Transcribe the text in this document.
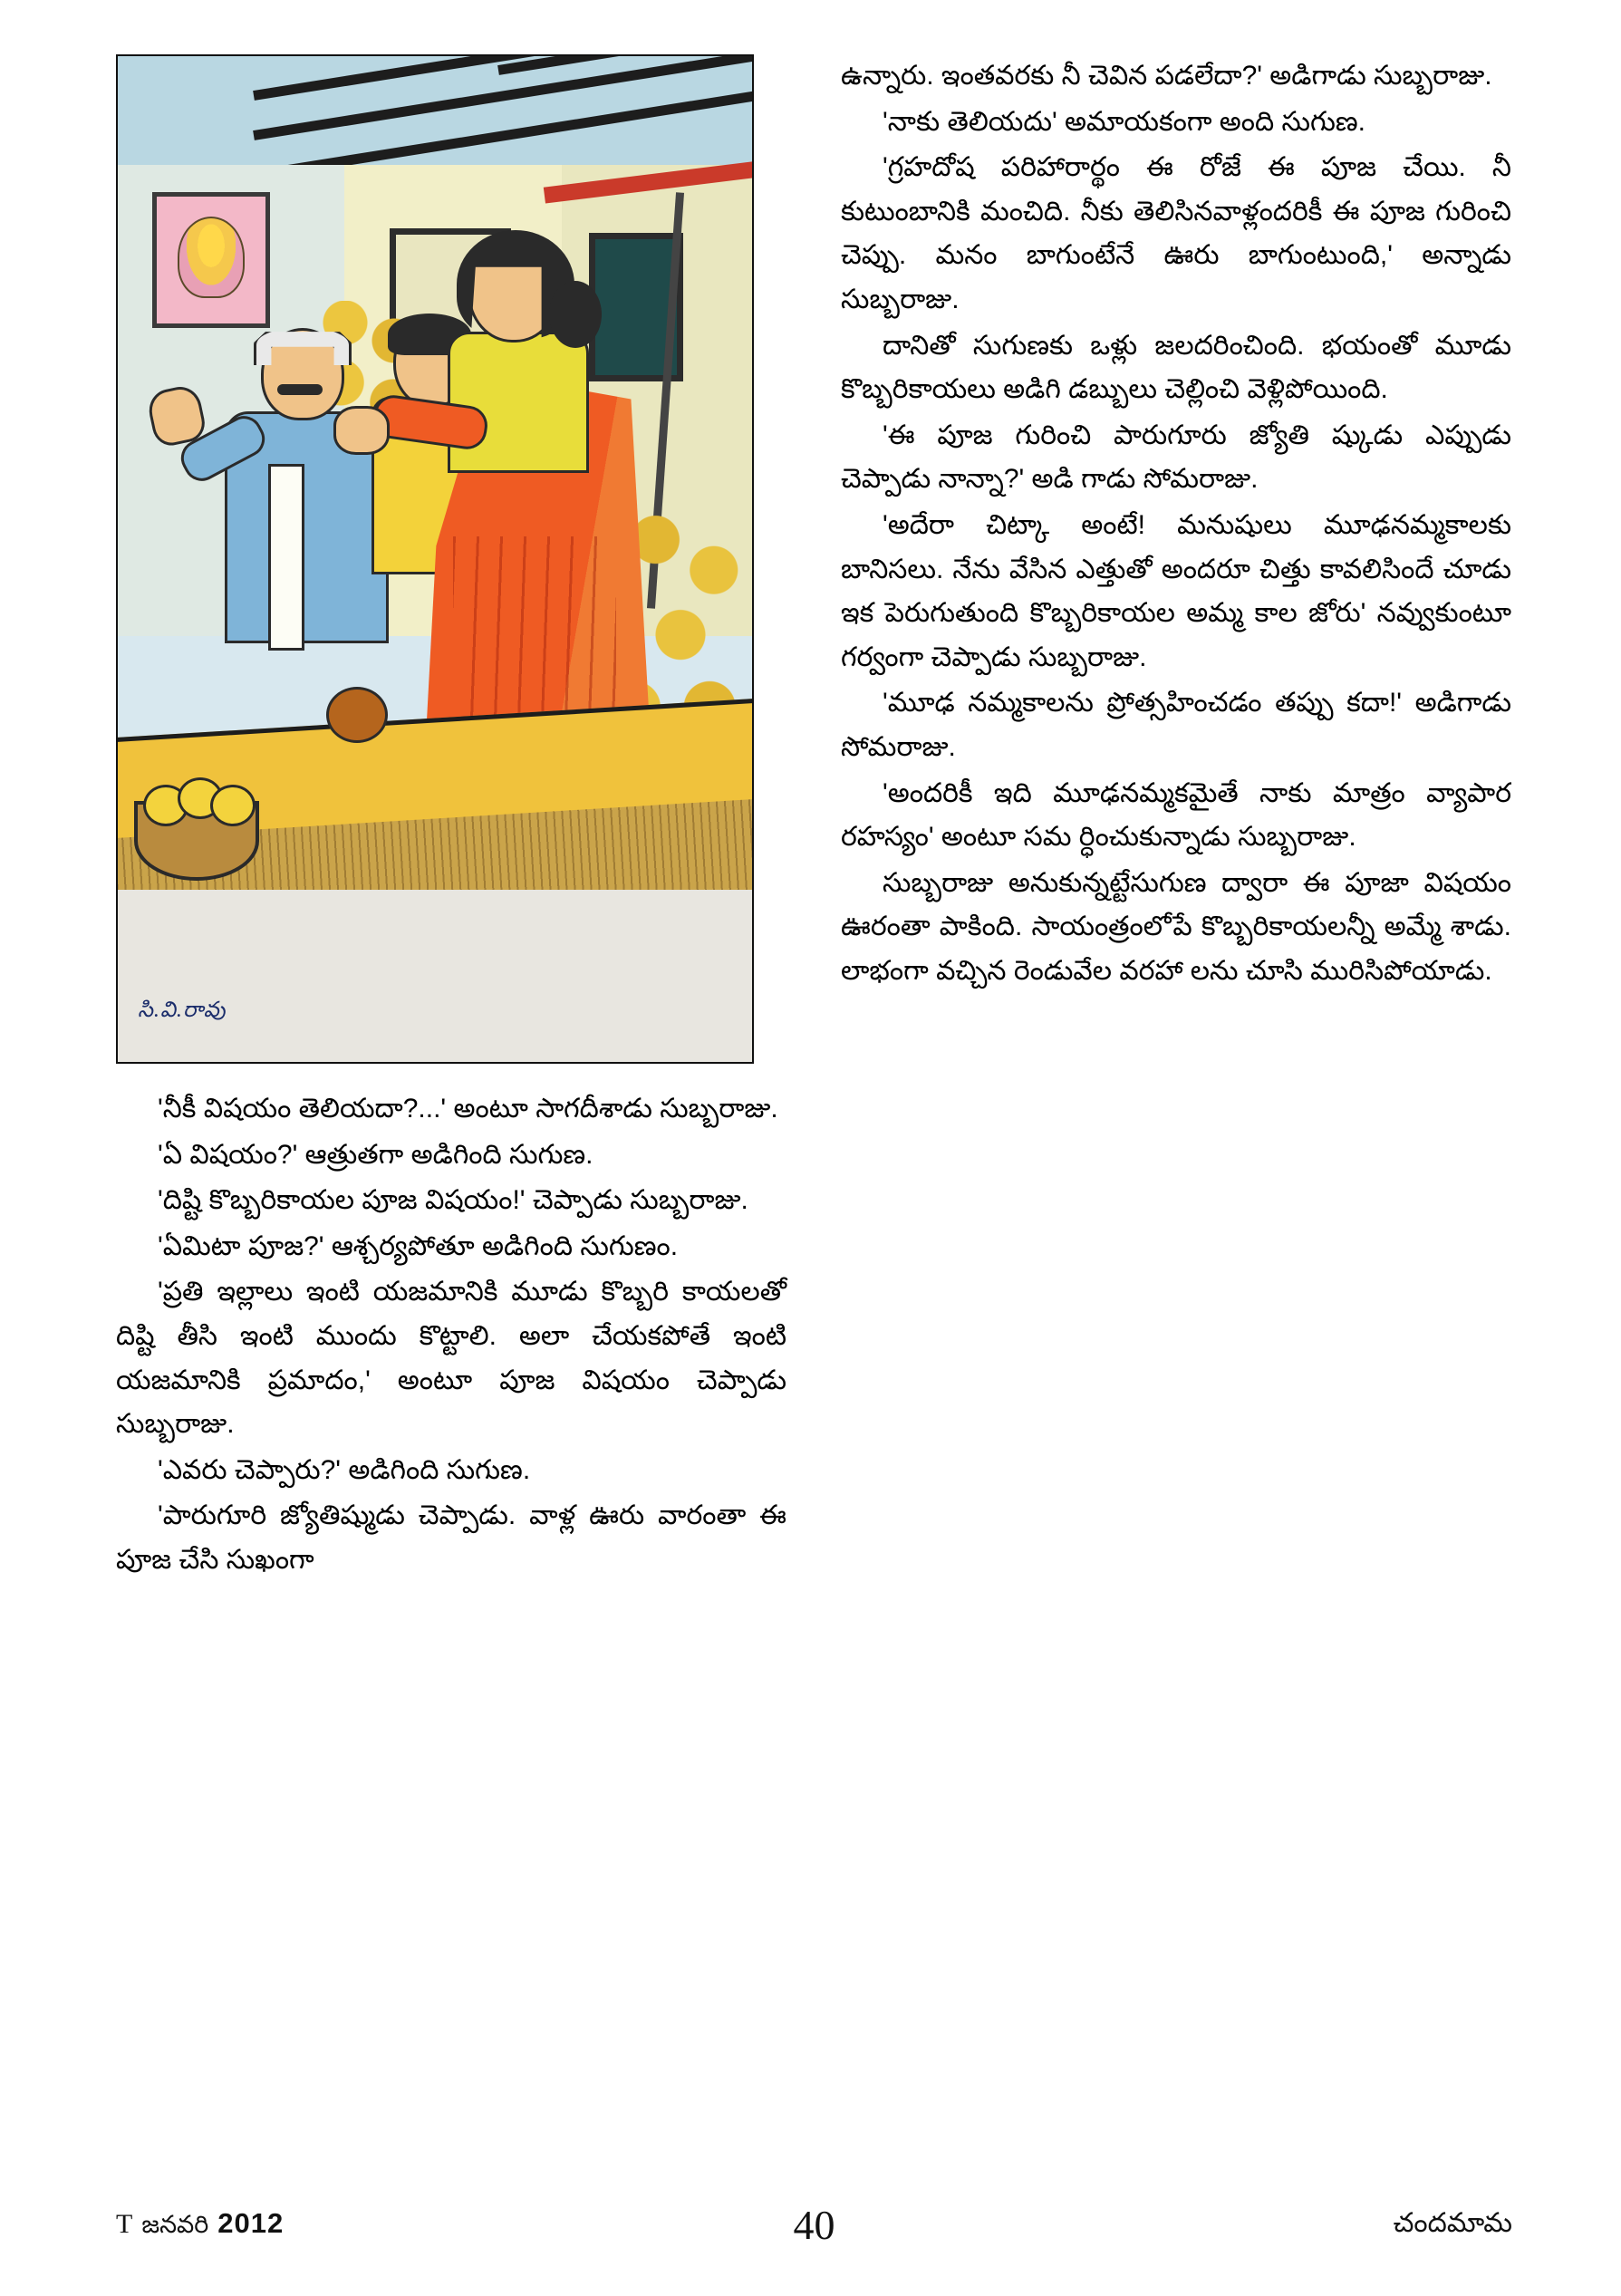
సి.వి.రావు

'నీకీ విషయం తెలియదా?...' అంటూ సాగదీశాడు సుబ్బరాజు.

'ఏ విషయం?' ఆత్రుతగా అడిగింది సుగుణ.

'దిష్టి కొబ్బరికాయల పూజ విషయం!' చెప్పాడు సుబ్బరాజు.

'ఏమిటా పూజ?' ఆశ్చర్యపోతూ అడిగింది సుగుణం.

'ప్రతి ఇల్లాలు ఇంటి యజమానికి మూడు కొబ్బరి కాయలతో దిష్టి తీసి ఇంటి ముందు కొట్టాలి. అలా చేయకపోతే ఇంటి యజమానికి ప్రమాదం,' అంటూ పూజ విషయం చెప్పాడు సుబ్బరాజు.

'ఎవరు చెప్పారు?' అడిగింది సుగుణ.

'పారుగూరి జ్యోతిష్ముడు చెప్పాడు. వాళ్ల ఊరు వారంతా ఈ పూజ చేసి సుఖంగా

ఉన్నారు. ఇంతవరకు నీ చెవిన పడలేదా?' అడిగాడు సుబ్బరాజు.

'నాకు తెలియదు' అమాయకంగా అంది సుగుణ.

'గ్రహదోష పరిహారార్థం ఈ రోజే ఈ పూజ చేయి. నీ కుటుంబానికి మంచిది. నీకు తెలిసినవాళ్లందరికీ ఈ పూజ గురించి చెప్పు. మనం బాగుంటేనే ఊరు బాగుంటుంది,' అన్నాడు సుబ్బరాజు.

దానితో సుగుణకు ఒళ్లు జలదరించింది. భయంతో మూడు కొబ్బరికాయలు అడిగి డబ్బులు చెల్లించి వెళ్లిపోయింది.

'ఈ పూజ గురించి పారుగూరు జ్యోతి ష్కుడు ఎప్పుడు చెప్పాడు నాన్నా?' అడి గాడు సోమరాజు.

'అదేరా చిట్కా అంటే! మనుషులు మూఢనమ్మకాలకు బానిసలు. నేను వేసిన ఎత్తుతో అందరూ చిత్తు కావలిసిందే చూడు ఇక పెరుగుతుంది కొబ్బరికాయల అమ్మ కాల జోరు' నవ్వుకుంటూ గర్వంగా చెప్పాడు సుబ్బరాజు.

'మూఢ నమ్మకాలను ప్రోత్సహించడం తప్పు కదా!' అడిగాడు సోమరాజు.

'అందరికీ ఇది మూఢనమ్మకమైతే నాకు మాత్రం వ్యాపార రహస్యం' అంటూ సమ ర్ధించుకున్నాడు సుబ్బరాజు.

సుబ్బరాజు అనుకున్నట్టేసుగుణ ద్వారా ఈ పూజా విషయం ఊరంతా పాకింది. సాయంత్రంలోపే కొబ్బరికాయలన్నీ అమ్మే శాడు. లాభంగా వచ్చిన రెండువేల వరహా లను చూసి మురిసిపోయాడు.

T జనవరి 2012	40	చందమామ
